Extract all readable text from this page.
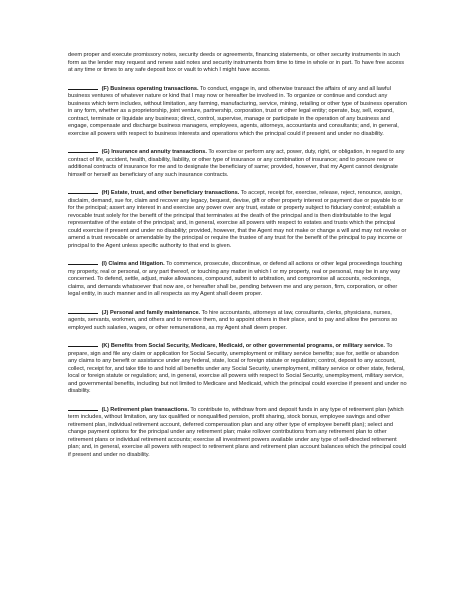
deem proper and execute promissory notes, security deeds or agreements, financing statements, or other security instruments in such form as the lender may request and renew said notes and security instruments from time to time in whole or in part. To have free access at any time or times to any safe deposit box or vault to which I might have access.

(F) Business operating transactions. To conduct, engage in, and otherwise transact the affairs of any and all lawful business ventures of whatever nature or kind that I may now or hereafter be involved in. To organize or continue and conduct any business which term includes, without limitation, any farming, manufacturing, service, mining, retailing or other type of business operation in any form, whether as a proprietorship, joint venture, partnership, corporation, trust or other legal entity; operate, buy, sell, expand, contract, terminate or liquidate any business; direct, control, supervise, manage or participate in the operation of any business and engage, compensate and discharge business managers, employees, agents, attorneys, accountants and consultants; and, in general, exercise all powers with respect to business interests and operations which the principal could if present and under no disability.

(G) Insurance and annuity transactions. To exercise or perform any act, power, duty, right, or obligation, in regard to any contract of life, accident, health, disability, liability, or other type of insurance or any combination of insurance; and to procure new or additional contracts of insurance for me and to designate the beneficiary of same; provided, however, that my Agent cannot designate himself or herself as beneficiary of any such insurance contracts.

(H) Estate, trust, and other beneficiary transactions. To accept, receipt for, exercise, release, reject, renounce, assign, disclaim, demand, sue for, claim and recover any legacy, bequest, devise, gift or other property interest or payment due or payable to or for the principal; assert any interest in and exercise any power over any trust, estate or property subject to fiduciary control; establish a revocable trust solely for the benefit of the principal that terminates at the death of the principal and is then distributable to the legal representative of the estate of the principal; and, in general, exercise all powers with respect to estates and trusts which the principal could exercise if present and under no disability; provided, however, that the Agent may not make or change a will and may not revoke or amend a trust revocable or amendable by the principal or require the trustee of any trust for the benefit of the principal to pay income or principal to the Agent unless specific authority to that end is given.

(I) Claims and litigation. To commence, prosecute, discontinue, or defend all actions or other legal proceedings touching my property, real or personal, or any part thereof, or touching any matter in which I or my property, real or personal, may be in any way concerned. To defend, settle, adjust, make allowances, compound, submit to arbitration, and compromise all accounts, reckonings, claims, and demands whatsoever that now are, or hereafter shall be, pending between me and any person, firm, corporation, or other legal entity, in such manner and in all respects as my Agent shall deem proper.

(J) Personal and family maintenance. To hire accountants, attorneys at law, consultants, clerks, physicians, nurses, agents, servants, workmen, and others and to remove them, and to appoint others in their place, and to pay and allow the persons so employed such salaries, wages, or other remunerations, as my Agent shall deem proper.

(K) Benefits from Social Security, Medicare, Medicaid, or other governmental programs, or military service. To prepare, sign and file any claim or application for Social Security, unemployment or military service benefits; sue for, settle or abandon any claims to any benefit or assistance under any federal, state, local or foreign statute or regulation; control, deposit to any account, collect, receipt for, and take title to and hold all benefits under any Social Security, unemployment, military service or other state, federal, local or foreign statute or regulation; and, in general, exercise all powers with respect to Social Security, unemployment, military service, and governmental benefits, including but not limited to Medicare and Medicaid, which the principal could exercise if present and under no disability.

(L) Retirement plan transactions. To contribute to, withdraw from and deposit funds in any type of retirement plan (which term includes, without limitation, any tax qualified or nonqualified pension, profit sharing, stock bonus, employee savings and other retirement plan, individual retirement account, deferred compensation plan and any other type of employee benefit plan); select and change payment options for the principal under any retirement plan; make rollover contributions from any retirement plan to other retirement plans or individual retirement accounts; exercise all investment powers available under any type of self-directed retirement plan; and, in general, exercise all powers with respect to retirement plans and retirement plan account balances which the principal could if present and under no disability.
